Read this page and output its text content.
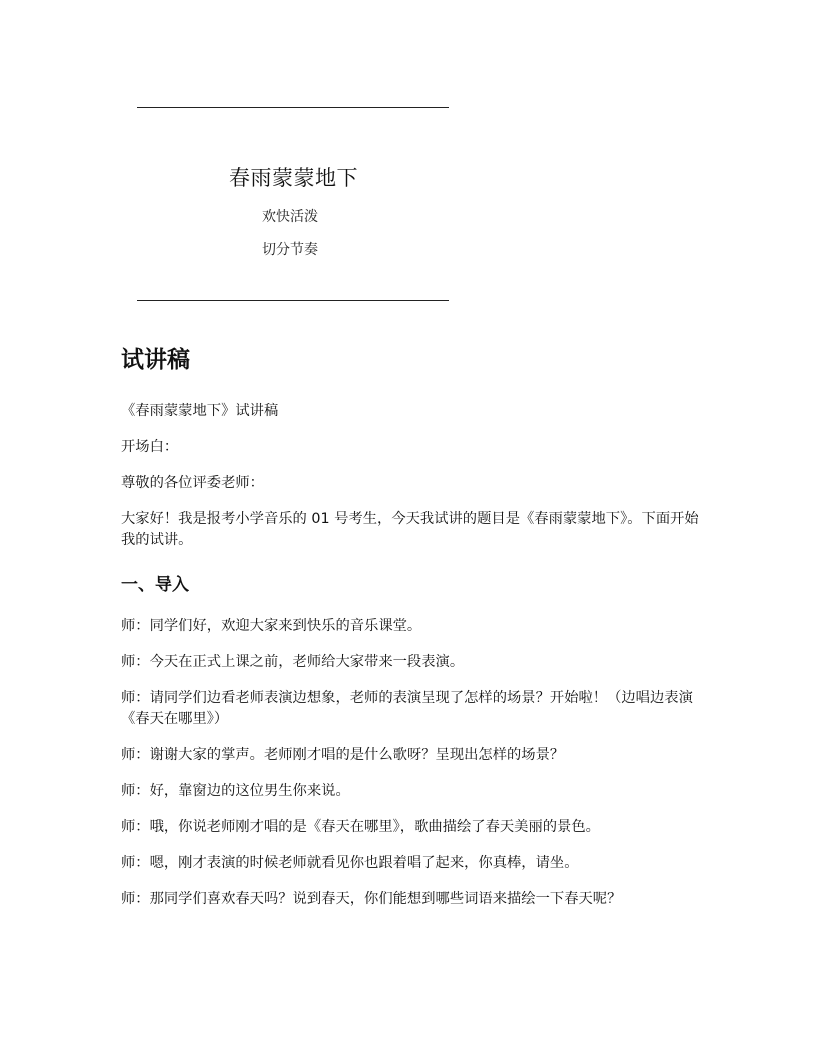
春雨蒙蒙地下
欢快活泼
切分节奏
试讲稿

《春雨蒙蒙地下》试讲稿

开场白：

尊敬的各位评委老师：

大家好！我是报考小学音乐的 01 号考生，今天我试讲的题目是《春雨蒙蒙地下》。下面开始我的试讲。

一、导入

师：同学们好，欢迎大家来到快乐的音乐课堂。

师：今天在正式上课之前，老师给大家带来一段表演。

师：请同学们边看老师表演边想象，老师的表演呈现了怎样的场景？开始啦！（边唱边表演《春天在哪里》）

师：谢谢大家的掌声。老师刚才唱的是什么歌呀？呈现出怎样的场景？

师：好，靠窗边的这位男生你来说。

师：哦，你说老师刚才唱的是《春天在哪里》，歌曲描绘了春天美丽的景色。

师：嗯，刚才表演的时候老师就看见你也跟着唱了起来，你真棒，请坐。

师：那同学们喜欢春天吗？说到春天，你们能想到哪些词语来描绘一下春天呢？
